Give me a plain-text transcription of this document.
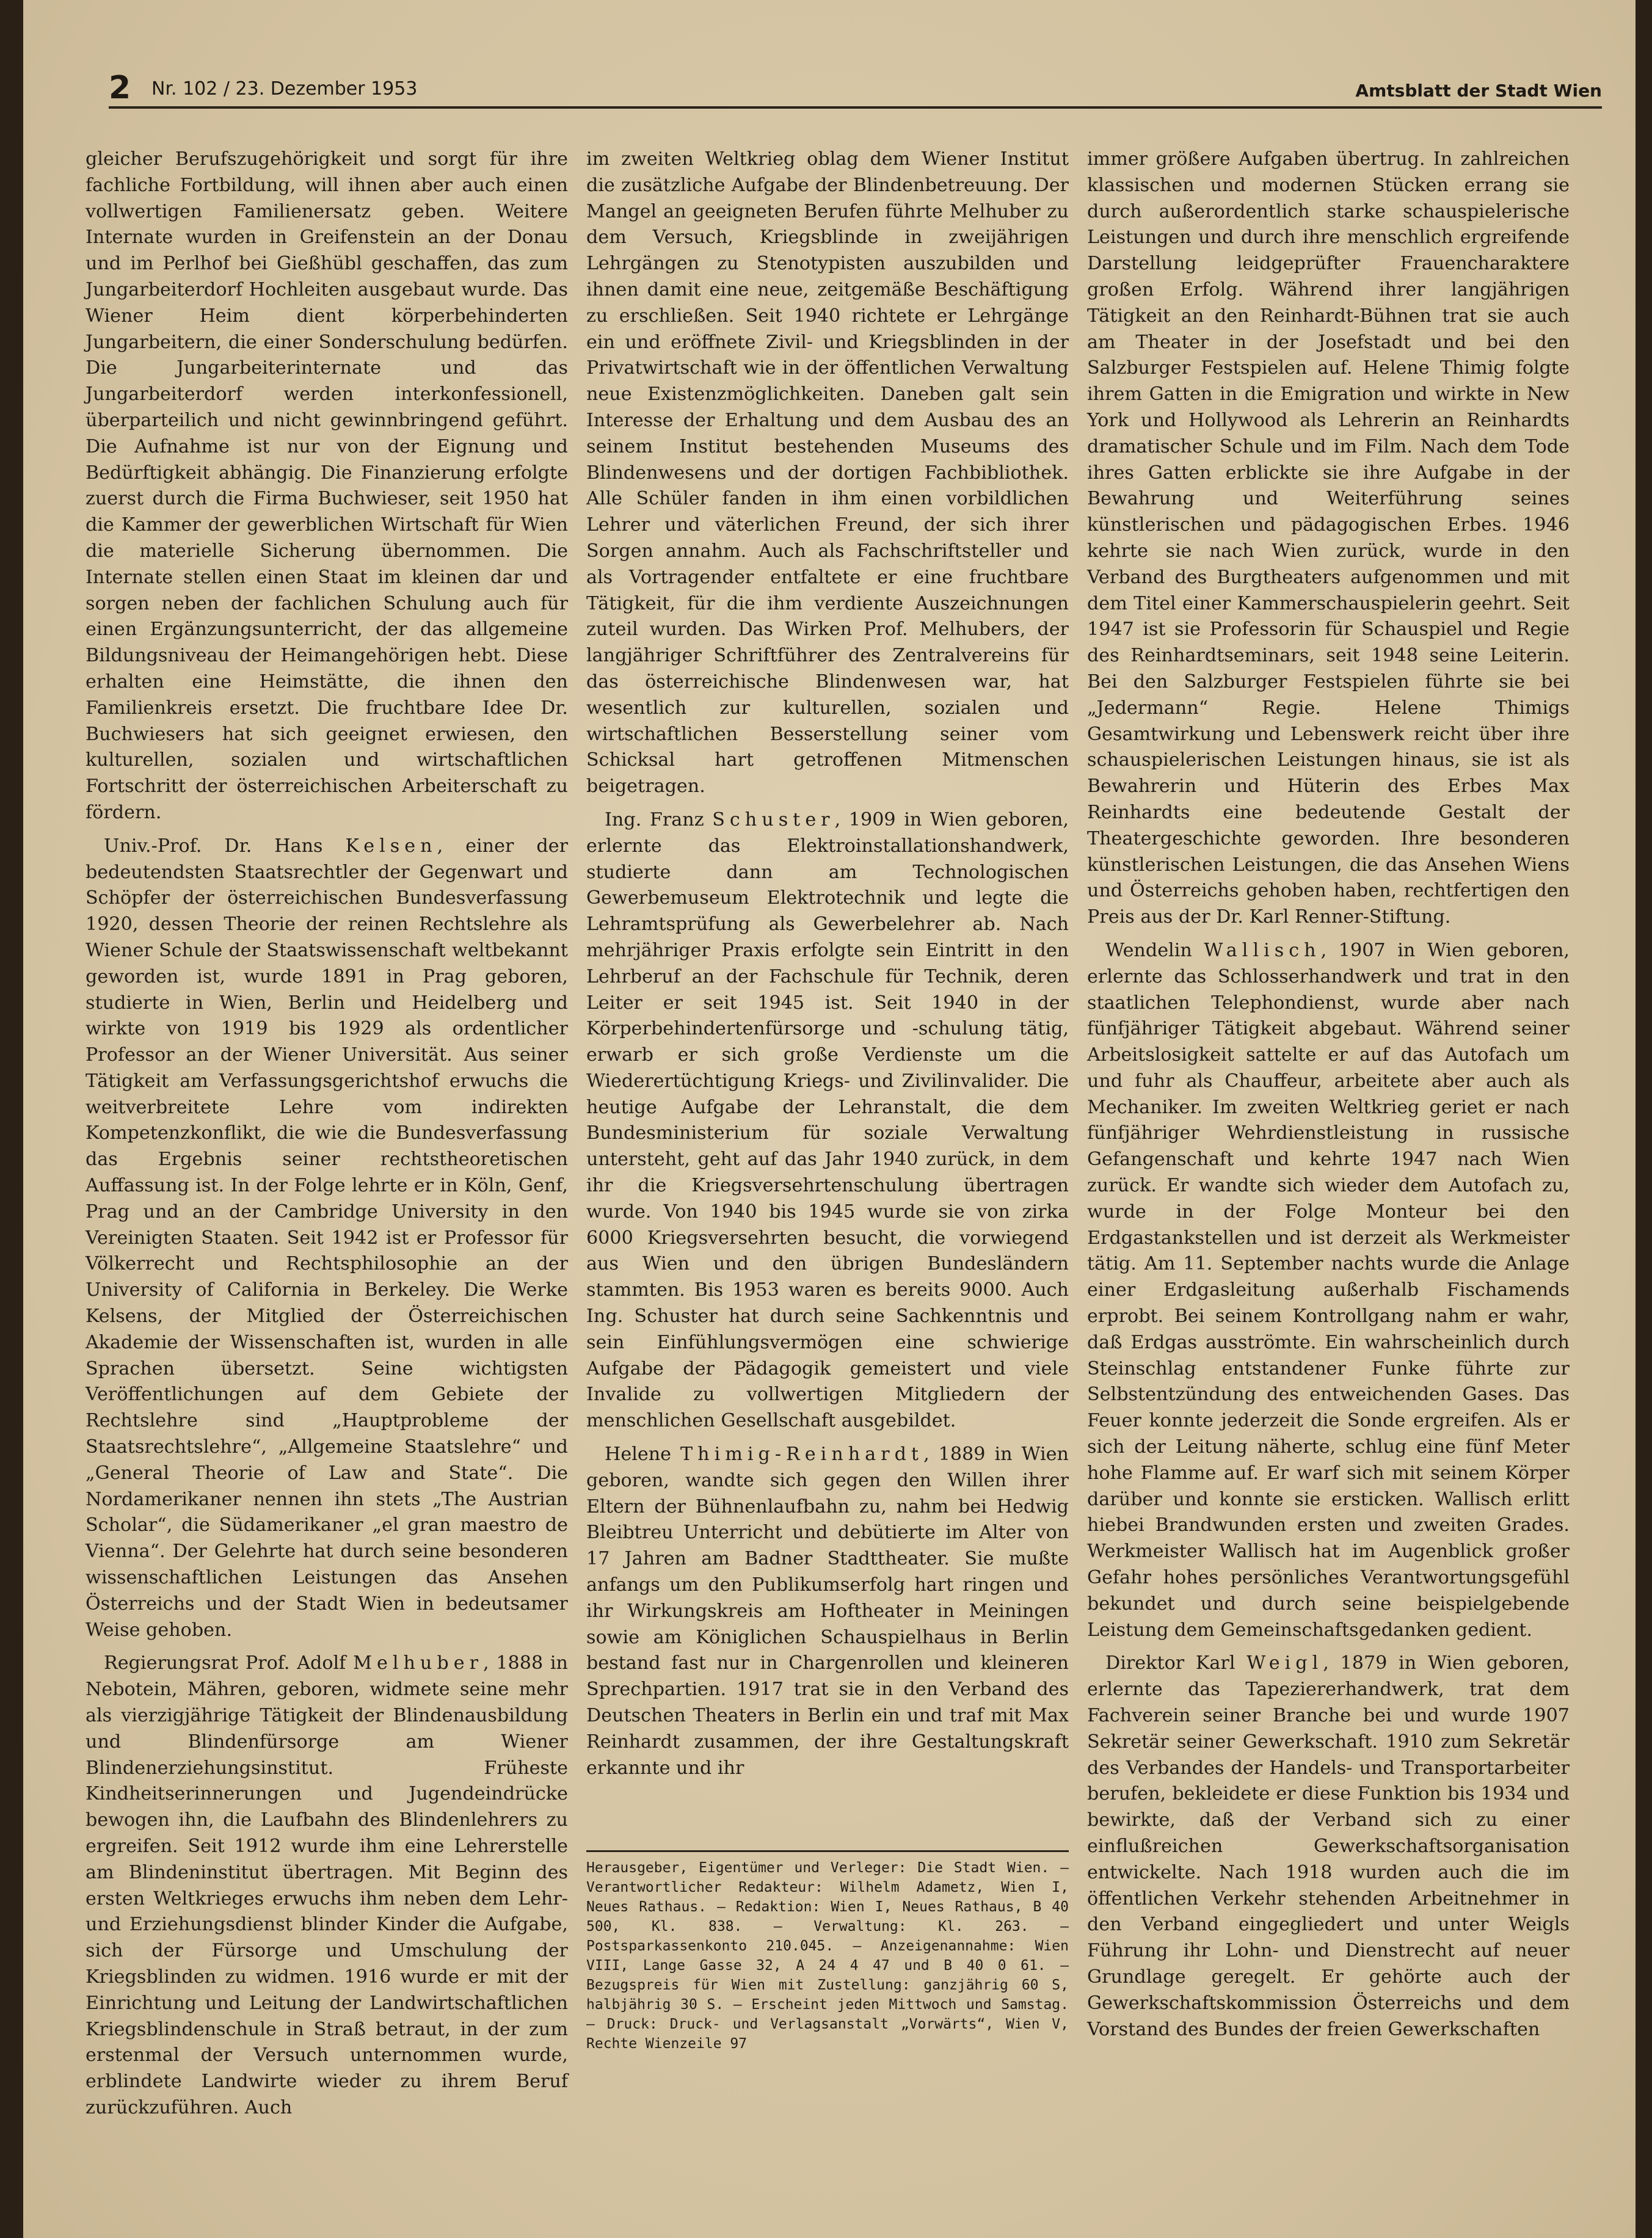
2 Nr. 102 / 23. Dezember 1953	Amtsblatt der Stadt Wien

gleicher Berufszugehörigkeit und sorgt für ihre fachliche Fortbildung, will ihnen aber auch einen vollwertigen Familienersatz geben. Weitere Internate wurden in Greifenstein an der Donau und im Perlhof bei Gießhübl geschaffen, das zum Jungarbeiterdorf Hochleiten ausgebaut wurde. Das Wiener Heim dient körperbehinderten Jungarbeitern, die einer Sonderschulung bedürfen. Die Jungarbeiterinternate und das Jungarbeiterdorf werden interkonfessionell, überparteilich und nicht gewinnbringend geführt. Die Aufnahme ist nur von der Eignung und Bedürftigkeit abhängig. Die Finanzierung erfolgte zuerst durch die Firma Buchwieser, seit 1950 hat die Kammer der gewerblichen Wirtschaft für Wien die materielle Sicherung übernommen. Die Internate stellen einen Staat im kleinen dar und sorgen neben der fachlichen Schulung auch für einen Ergänzungsunterricht, der das allgemeine Bildungsniveau der Heimangehörigen hebt. Diese erhalten eine Heimstätte, die ihnen den Familienkreis ersetzt. Die fruchtbare Idee Dr. Buchwiesers hat sich geeignet erwiesen, den kulturellen, sozialen und wirtschaftlichen Fortschritt der österreichischen Arbeiterschaft zu fördern.

Univ.-Prof. Dr. Hans Kelsen, einer der bedeutendsten Staatsrechtler der Gegenwart und Schöpfer der österreichischen Bundesverfassung 1920, dessen Theorie der reinen Rechtslehre als Wiener Schule der Staatswissenschaft weltbekannt geworden ist, wurde 1891 in Prag geboren, studierte in Wien, Berlin und Heidelberg und wirkte von 1919 bis 1929 als ordentlicher Professor an der Wiener Universität. Aus seiner Tätigkeit am Verfassungsgerichtshof erwuchs die weitverbreitete Lehre vom indirekten Kompetenzkonflikt, die wie die Bundesverfassung das Ergebnis seiner rechtstheoretischen Auffassung ist. In der Folge lehrte er in Köln, Genf, Prag und an der Cambridge University in den Vereinigten Staaten. Seit 1942 ist er Professor für Völkerrecht und Rechtsphilosophie an der University of California in Berkeley. Die Werke Kelsens, der Mitglied der Österreichischen Akademie der Wissenschaften ist, wurden in alle Sprachen übersetzt. Seine wichtigsten Veröffentlichungen auf dem Gebiete der Rechtslehre sind „Hauptprobleme der Staatsrechtslehre“, „Allgemeine Staatslehre“ und „General Theorie of Law and State“. Die Nordamerikaner nennen ihn stets „The Austrian Scholar“, die Südamerikaner „el gran maestro de Vienna“. Der Gelehrte hat durch seine besonderen wissenschaftlichen Leistungen das Ansehen Österreichs und der Stadt Wien in bedeutsamer Weise gehoben.

Regierungsrat Prof. Adolf Melhuber, 1888 in Nebotein, Mähren, geboren, widmete seine mehr als vierzigjährige Tätigkeit der Blindenausbildung und Blindenfürsorge am Wiener Blindenerziehungsinstitut. Früheste Kindheitserinnerungen und Jugendeindrücke bewogen ihn, die Laufbahn des Blindenlehrers zu ergreifen. Seit 1912 wurde ihm eine Lehrerstelle am Blindeninstitut übertragen. Mit Beginn des ersten Weltkrieges erwuchs ihm neben dem Lehr- und Erziehungsdienst blinder Kinder die Aufgabe, sich der Fürsorge und Umschulung der Kriegsblinden zu widmen. 1916 wurde er mit der Einrichtung und Leitung der Landwirtschaftlichen Kriegsblindenschule in Straß betraut, in der zum erstenmal der Versuch unternommen wurde, erblindete Landwirte wieder zu ihrem Beruf zurückzuführen. Auch

im zweiten Weltkrieg oblag dem Wiener Institut die zusätzliche Aufgabe der Blindenbetreuung. Der Mangel an geeigneten Berufen führte Melhuber zu dem Versuch, Kriegsblinde in zweijährigen Lehrgängen zu Stenotypisten auszubilden und ihnen damit eine neue, zeitgemäße Beschäftigung zu erschließen. Seit 1940 richtete er Lehrgänge ein und eröffnete Zivil- und Kriegsblinden in der Privatwirtschaft wie in der öffentlichen Verwaltung neue Existenzmöglichkeiten. Daneben galt sein Interesse der Erhaltung und dem Ausbau des an seinem Institut bestehenden Museums des Blindenwesens und der dortigen Fachbibliothek. Alle Schüler fanden in ihm einen vorbildlichen Lehrer und väterlichen Freund, der sich ihrer Sorgen annahm. Auch als Fachschriftsteller und als Vortragender entfaltete er eine fruchtbare Tätigkeit, für die ihm verdiente Auszeichnungen zuteil wurden. Das Wirken Prof. Melhubers, der langjähriger Schriftführer des Zentralvereins für das österreichische Blindenwesen war, hat wesentlich zur kulturellen, sozialen und wirtschaftlichen Besserstellung seiner vom Schicksal hart getroffenen Mitmenschen beigetragen.

Ing. Franz Schuster, 1909 in Wien geboren, erlernte das Elektroinstallationshandwerk, studierte dann am Technologischen Gewerbemuseum Elektrotechnik und legte die Lehramtsprüfung als Gewerbelehrer ab. Nach mehrjähriger Praxis erfolgte sein Eintritt in den Lehrberuf an der Fachschule für Technik, deren Leiter er seit 1945 ist. Seit 1940 in der Körperbehindertenfürsorge und -schulung tätig, erwarb er sich große Verdienste um die Wiederertüchtigung Kriegs- und Zivilinvalider. Die heutige Aufgabe der Lehranstalt, die dem Bundesministerium für soziale Verwaltung untersteht, geht auf das Jahr 1940 zurück, in dem ihr die Kriegsversehrtenschulung übertragen wurde. Von 1940 bis 1945 wurde sie von zirka 6000 Kriegsversehrten besucht, die vorwiegend aus Wien und den übrigen Bundesländern stammten. Bis 1953 waren es bereits 9000. Auch Ing. Schuster hat durch seine Sachkenntnis und sein Einfühlungsvermögen eine schwierige Aufgabe der Pädagogik gemeistert und viele Invalide zu vollwertigen Mitgliedern der menschlichen Gesellschaft ausgebildet.

Helene Thimig-Reinhardt, 1889 in Wien geboren, wandte sich gegen den Willen ihrer Eltern der Bühnenlaufbahn zu, nahm bei Hedwig Bleibtreu Unterricht und debütierte im Alter von 17 Jahren am Badner Stadttheater. Sie mußte anfangs um den Publikumserfolg hart ringen und ihr Wirkungskreis am Hoftheater in Meiningen sowie am Königlichen Schauspielhaus in Berlin bestand fast nur in Chargenrollen und kleineren Sprechpartien. 1917 trat sie in den Verband des Deutschen Theaters in Berlin ein und traf mit Max Reinhardt zusammen, der ihre Gestaltungskraft erkannte und ihr

Herausgeber, Eigentümer und Verleger: Die Stadt Wien. — Verantwortlicher Redakteur: Wilhelm Adametz, Wien I, Neues Rathaus. — Redaktion: Wien I, Neues Rathaus, B 40 500, Kl. 838. — Verwaltung: Kl. 263. — Postsparkassenkonto 210.045. — Anzeigenannahme: Wien VIII, Lange Gasse 32, A 24 4 47 und B 40 0 61. — Bezugspreis für Wien mit Zustellung: ganzjährig 60 S, halbjährig 30 S. — Erscheint jeden Mittwoch und Samstag. — Druck: Druck- und Verlagsanstalt „Vorwärts“, Wien V, Rechte Wienzeile 97

immer größere Aufgaben übertrug. In zahlreichen klassischen und modernen Stücken errang sie durch außerordentlich starke schauspielerische Leistungen und durch ihre menschlich ergreifende Darstellung leidgeprüfter Frauencharaktere großen Erfolg. Während ihrer langjährigen Tätigkeit an den Reinhardt-Bühnen trat sie auch am Theater in der Josefstadt und bei den Salzburger Festspielen auf. Helene Thimig folgte ihrem Gatten in die Emigration und wirkte in New York und Hollywood als Lehrerin an Reinhardts dramatischer Schule und im Film. Nach dem Tode ihres Gatten erblickte sie ihre Aufgabe in der Bewahrung und Weiterführung seines künstlerischen und pädagogischen Erbes. 1946 kehrte sie nach Wien zurück, wurde in den Verband des Burgtheaters aufgenommen und mit dem Titel einer Kammerschauspielerin geehrt. Seit 1947 ist sie Professorin für Schauspiel und Regie des Reinhardtseminars, seit 1948 seine Leiterin. Bei den Salzburger Festspielen führte sie bei „Jedermann“ Regie. Helene Thimigs Gesamtwirkung und Lebenswerk reicht über ihre schauspielerischen Leistungen hinaus, sie ist als Bewahrerin und Hüterin des Erbes Max Reinhardts eine bedeutende Gestalt der Theatergeschichte geworden. Ihre besonderen künstlerischen Leistungen, die das Ansehen Wiens und Österreichs gehoben haben, rechtfertigen den Preis aus der Dr. Karl Renner-Stiftung.

Wendelin Wallisch, 1907 in Wien geboren, erlernte das Schlosserhandwerk und trat in den staatlichen Telephondienst, wurde aber nach fünfjähriger Tätigkeit abgebaut. Während seiner Arbeitslosigkeit sattelte er auf das Autofach um und fuhr als Chauffeur, arbeitete aber auch als Mechaniker. Im zweiten Weltkrieg geriet er nach fünfjähriger Wehrdienstleistung in russische Gefangenschaft und kehrte 1947 nach Wien zurück. Er wandte sich wieder dem Autofach zu, wurde in der Folge Monteur bei den Erdgastankstellen und ist derzeit als Werkmeister tätig. Am 11. September nachts wurde die Anlage einer Erdgasleitung außerhalb Fischamends erprobt. Bei seinem Kontrollgang nahm er wahr, daß Erdgas ausströmte. Ein wahrscheinlich durch Steinschlag entstandener Funke führte zur Selbstentzündung des entweichenden Gases. Das Feuer konnte jederzeit die Sonde ergreifen. Als er sich der Leitung näherte, schlug eine fünf Meter hohe Flamme auf. Er warf sich mit seinem Körper darüber und konnte sie ersticken. Wallisch erlitt hiebei Brandwunden ersten und zweiten Grades. Werkmeister Wallisch hat im Augenblick großer Gefahr hohes persönliches Verantwortungsgefühl bekundet und durch seine beispielgebende Leistung dem Gemeinschaftsgedanken gedient.

Direktor Karl Weigl, 1879 in Wien geboren, erlernte das Tapeziererhandwerk, trat dem Fachverein seiner Branche bei und wurde 1907 Sekretär seiner Gewerkschaft. 1910 zum Sekretär des Verbandes der Handels- und Transportarbeiter berufen, bekleidete er diese Funktion bis 1934 und bewirkte, daß der Verband sich zu einer einflußreichen Gewerkschaftsorganisation entwickelte. Nach 1918 wurden auch die im öffentlichen Verkehr stehenden Arbeitnehmer in den Verband eingegliedert und unter Weigls Führung ihr Lohn- und Dienstrecht auf neuer Grundlage geregelt. Er gehörte auch der Gewerkschaftskommission Österreichs und dem Vorstand des Bundes der freien Gewerkschaften
